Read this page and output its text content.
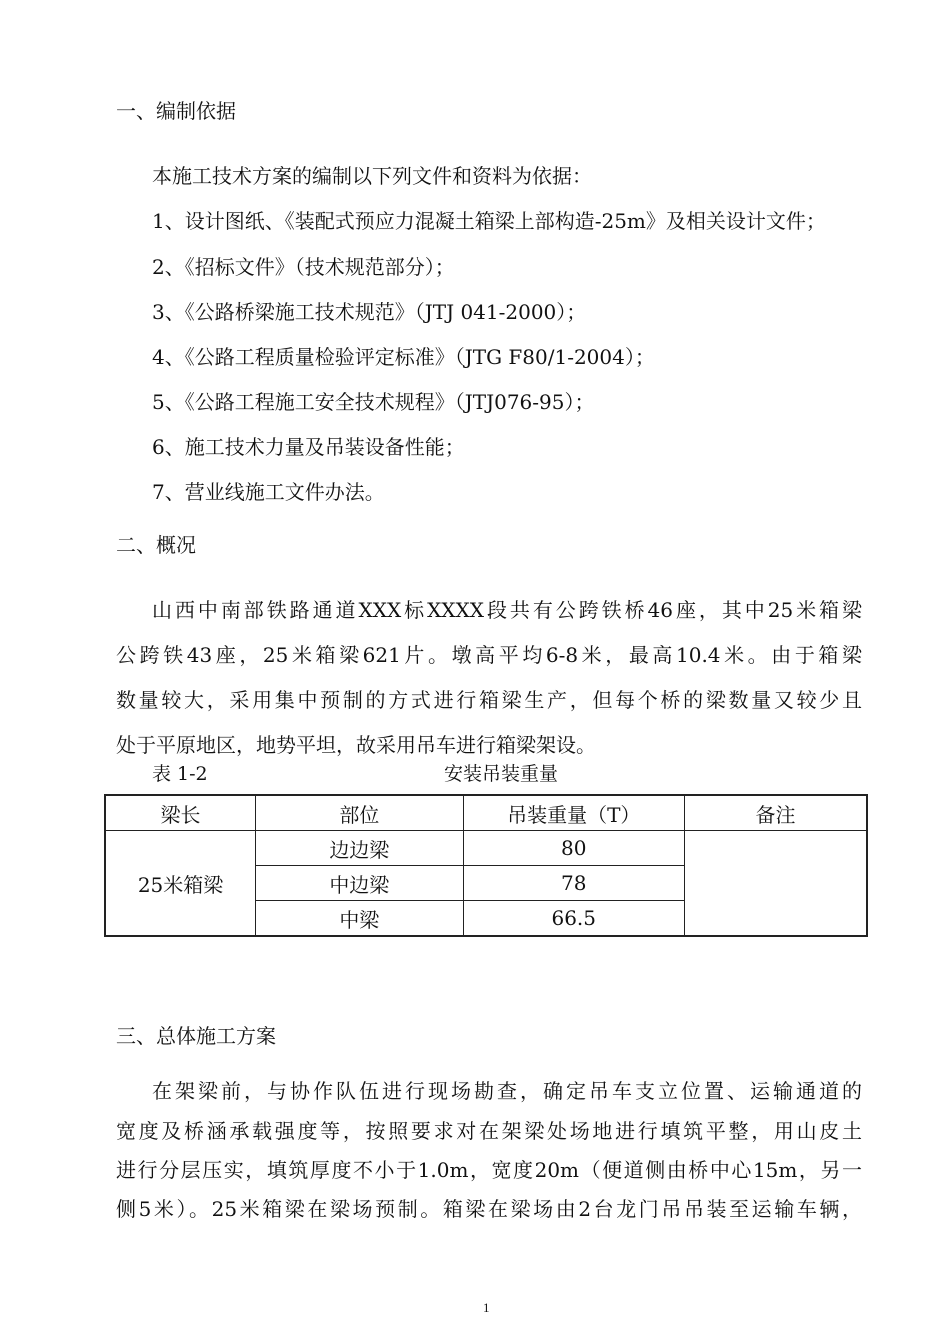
一、编制依据
本施工技术方案的编制以下列文件和资料为依据：
1、设计图纸、《装配式预应力混凝土箱梁上部构造-25m》及相关设计文件；
2、《招标文件》（技术规范部分）；
3、《公路桥梁施工技术规范》（JTJ 041-2000）；
4、《公路工程质量检验评定标准》（JTG F80/1-2004）；
5、《公路工程施工安全技术规程》（JTJ076-95）；
6、施工技术力量及吊装设备性能；
7、营业线施工文件办法。
二、概况
山西中南部铁路通道XXX标XXXX段共有公跨铁桥46座，其中25米箱梁
公跨铁43座，25米箱梁621片。墩高平均6-8米，最高10.4米。由于箱梁
数量较大，采用集中预制的方式进行箱梁生产，但每个桥的梁数量又较少且
处于平原地区，地势平坦，故采用吊车进行箱梁架设。
表 1-2	安装吊装重量
梁长	部位	吊装重量（T）	备注
25米箱梁	边边梁	80	
	中边梁	78	
	中梁	66.5	
三、总体施工方案
在架梁前，与协作队伍进行现场勘查，确定吊车支立位置、运输通道的
宽度及桥涵承载强度等，按照要求对在架梁处场地进行填筑平整，用山皮土
进行分层压实，填筑厚度不小于1.0m，宽度20m（便道侧由桥中心15m，另一
侧5米）。25米箱梁在梁场预制。箱梁在梁场由2台龙门吊吊装至运输车辆，
1
